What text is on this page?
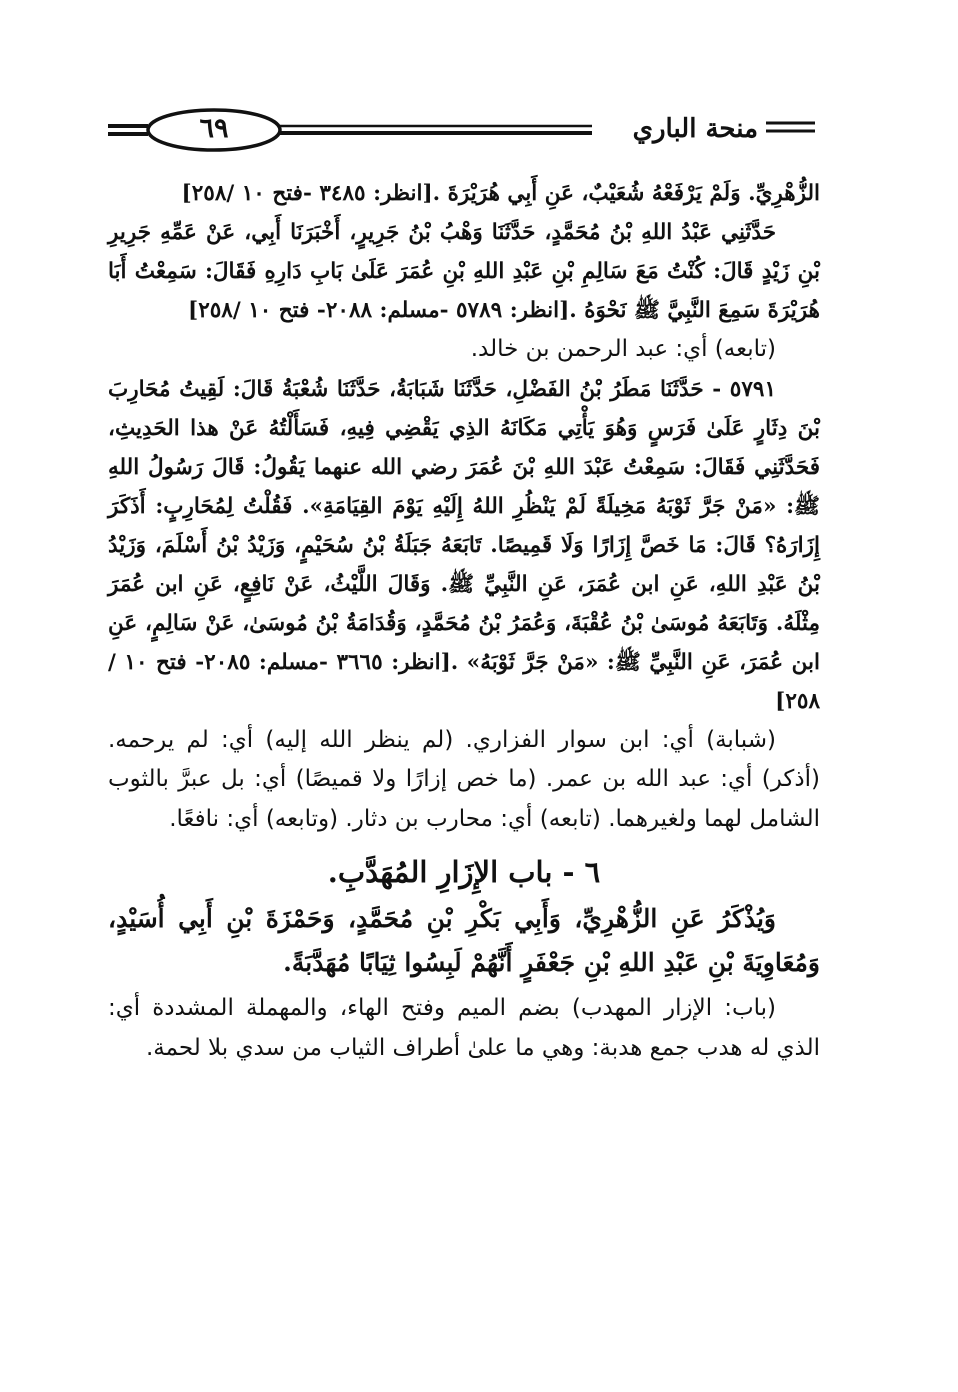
٦٩	منحة الباري

الزُّهْرِيِّ. وَلَمْ يَرْفَعْهُ شُعَيْبٌ، عَنِ أَبِي هُرَيْرَةَ .[انظر: ٣٤٨٥ -فتح ١٠ /٢٥٨]

حَدَّثَنِي عَبْدُ اللهِ بْنُ مُحَمَّدٍ، حَدَّثَنَا وَهْبُ بْنُ جَرِيرٍ، أَخْبَرَنَا أَبِي، عَنْ عَمِّهِ جَرِيرِ بْنِ زَيْدٍ قَالَ: كُنْتُ مَعَ سَالِمِ بْنِ عَبْدِ اللهِ بْنِ عُمَرَ عَلَىٰ بَابِ دَارِهِ فَقَالَ: سَمِعْتُ أَبَا هُرَيْرَةَ سَمِعَ النَّبِيَّ ﷺ نَحْوَهُ .[انظر: ٥٧٨٩ -مسلم: ٢٠٨٨- فتح ١٠ /٢٥٨]

(تابعه) أي: عبد الرحمن بن خالد.

٥٧٩١ - حَدَّثَنَا مَطَرُ بْنُ الفَضْلِ، حَدَّثَنَا شَبَابَةُ، حَدَّثَنَا شُعْبَةُ قَالَ: لَقِيتُ مُحَارِبَ بْنَ دِثَارٍ عَلَىٰ فَرَسٍ وَهُوَ يَأْتِي مَكَانَهُ الذِي يَقْضِي فِيهِ، فَسَأَلْتُهُ عَنْ هذا الحَدِيثِ، فَحَدَّثَنِي فَقَالَ: سَمِعْتُ عَبْدَ اللهِ بْنَ عُمَرَ رضي الله عنهما يَقُولُ: قَالَ رَسُولُ اللهِ ﷺ: «مَنْ جَرَّ ثَوْبَهُ مَخِيلَةً لَمْ يَنْظُرِ اللهُ إِلَيْهِ يَوْمَ القِيَامَةِ». فَقُلْتُ لِمُحَارِبٍ: أَذَكَرَ إِزَارَهُ؟ قَالَ: مَا خَصَّ إِزَارًا وَلَا قَمِيصًا. تَابَعَهُ جَبَلَةُ بْنُ سُحَيْمٍ، وَزَيْدُ بْنُ أَسْلَمَ، وَزَيْدُ بْنُ عَبْدِ اللهِ، عَنِ ابن عُمَرَ، عَنِ النَّبِيِّ ﷺ. وَقَالَ اللَّيْثُ، عَنْ نَافِعٍ، عَنِ ابن عُمَرَ مِثْلَهُ. وَتَابَعَهُ مُوسَىٰ بْنُ عُقْبَةَ، وَعُمَرُ بْنُ مُحَمَّدٍ، وَقُدَامَةُ بْنُ مُوسَىٰ، عَنْ سَالِمٍ، عَنِ ابن عُمَرَ، عَنِ النَّبِيِّ ﷺ: «مَنْ جَرَّ ثَوْبَهُ» .[انظر: ٣٦٦٥ -مسلم: ٢٠٨٥- فتح ١٠ /٢٥٨]

(شبابة) أي: ابن سوار الفزاري. (لم ينظر الله إليه) أي: لم يرحمه. (أذكر) أي: عبد الله بن عمر. (ما خص إزارًا ولا قميصًا) أي: بل عبرَّ بالثوب الشامل لهما ولغيرهما. (تابعه) أي: محارب بن دثار. (وتابعه) أي: نافعًا.

٦ - باب الإِزَارِ المُهَدَّبِ.

وَيُذْكَرُ عَنِ الزُّهْرِيِّ، وَأَبِي بَكْرِ بْنِ مُحَمَّدٍ، وَحَمْزَةَ بْنِ أَبِي أُسَيْدٍ، وَمُعَاوِيَةَ بْنِ عَبْدِ اللهِ بْنِ جَعْفَرٍ أَنَّهُمْ لَبِسُوا ثِيَابًا مُهَدَّبَةً.

(باب: الإزار المهدب) بضم الميم وفتح الهاء، والمهملة المشددة أي: الذي له هدب جمع هدبة: وهي ما علىٰ أطراف الثياب من سدي بلا لحمة.
